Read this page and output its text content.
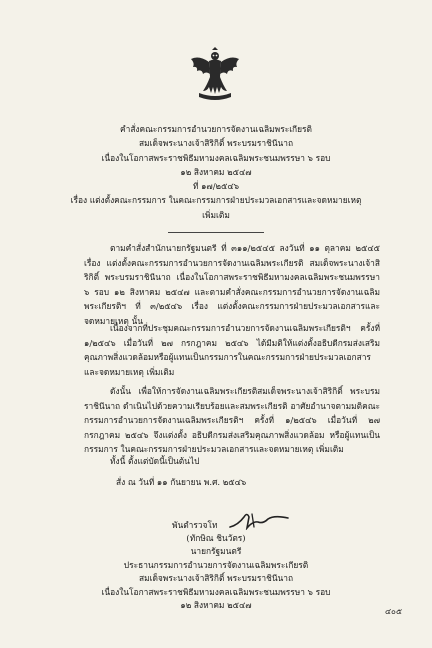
คำสั่งคณะกรรมการอำนวยการจัดงานเฉลิมพระเกียรติ
สมเด็จพระนางเจ้าสิริกิติ์ พระบรมราชินีนาถ
เนื่องในโอกาสพระราชพิธีมหามงคลเฉลิมพระชนมพรรษา ๖ รอบ
๑๒ สิงหาคม ๒๕๔๗
ที่ ๑๗/๒๕๔๖
เรื่อง แต่งตั้งคณะกรรมการ ในคณะกรรมการฝ่ายประมวลเอกสารและจดหมายเหตุ
เพิ่มเติม
ตามคำสั่งสำนักนายกรัฐมนตรี ที่ ๓๑๑/๒๕๔๕ ลงวันที่ ๑๑ ตุลาคม ๒๕๔๕ เรื่อง แต่งตั้งคณะกรรมการอำนวยการจัดงานเฉลิมพระเกียรติ สมเด็จพระนางเจ้าสิริกิติ์ พระบรมราชินีนาถ เนื่องในโอกาสพระราชพิธีมหามงคลเฉลิมพระชนมพรรษา ๖ รอบ ๑๒ สิงหาคม ๒๕๔๗ และตามคำสั่งคณะกรรมการอำนวยการจัดงานเฉลิมพระเกียรติฯ ที่ ๓/๒๕๔๖ เรื่อง แต่งตั้งคณะกรรมการฝ่ายประมวลเอกสารและจดหมายเหตุ นั้น
เนื่องจากที่ประชุมคณะกรรมการอำนวยการจัดงานเฉลิมพระเกียรติฯ ครั้งที่ ๑/๒๕๔๖ เมื่อวันที่ ๒๗ กรกฎาคม ๒๕๔๖ ได้มีมติให้แต่งตั้งอธิบดีกรมส่งเสริมคุณภาพสิ่งแวดล้อมหรือผู้แทนเป็นกรรมการในคณะกรรมการฝ่ายประมวลเอกสารและจดหมายเหตุ เพิ่มเติม
ดังนั้น เพื่อให้การจัดงานเฉลิมพระเกียรติสมเด็จพระนางเจ้าสิริกิติ์ พระบรมราชินีนาถ ดำเนินไปด้วยความเรียบร้อยและสมพระเกียรติ อาศัยอำนาจตามมติคณะกรรมการอำนวยการจัดงานเฉลิมพระเกียรติฯ ครั้งที่ ๑/๒๕๔๖ เมื่อวันที่ ๒๗ กรกฎาคม ๒๕๔๖ จึงแต่งตั้ง อธิบดีกรมส่งเสริมคุณภาพสิ่งแวดล้อม หรือผู้แทนเป็นกรรมการ ในคณะกรรมการฝ่ายประมวลเอกสารและจดหมายเหตุ เพิ่มเติม
ทั้งนี้ ตั้งแต่บัดนี้เป็นต้นไป
สั่ง ณ วันที่ ๑๑ กันยายน พ.ศ. ๒๕๔๖
พันตำรวจโท
(ทักษิณ ชินวัตร)
นายกรัฐมนตรี
ประธานกรรมการอำนวยการจัดงานเฉลิมพระเกียรติ
สมเด็จพระนางเจ้าสิริกิติ์ พระบรมราชินีนาถ
เนื่องในโอกาสพระราชพิธีมหามงคลเฉลิมพระชนมพรรษา ๖ รอบ
๑๒ สิงหาคม ๒๕๔๗
๔๐๕
